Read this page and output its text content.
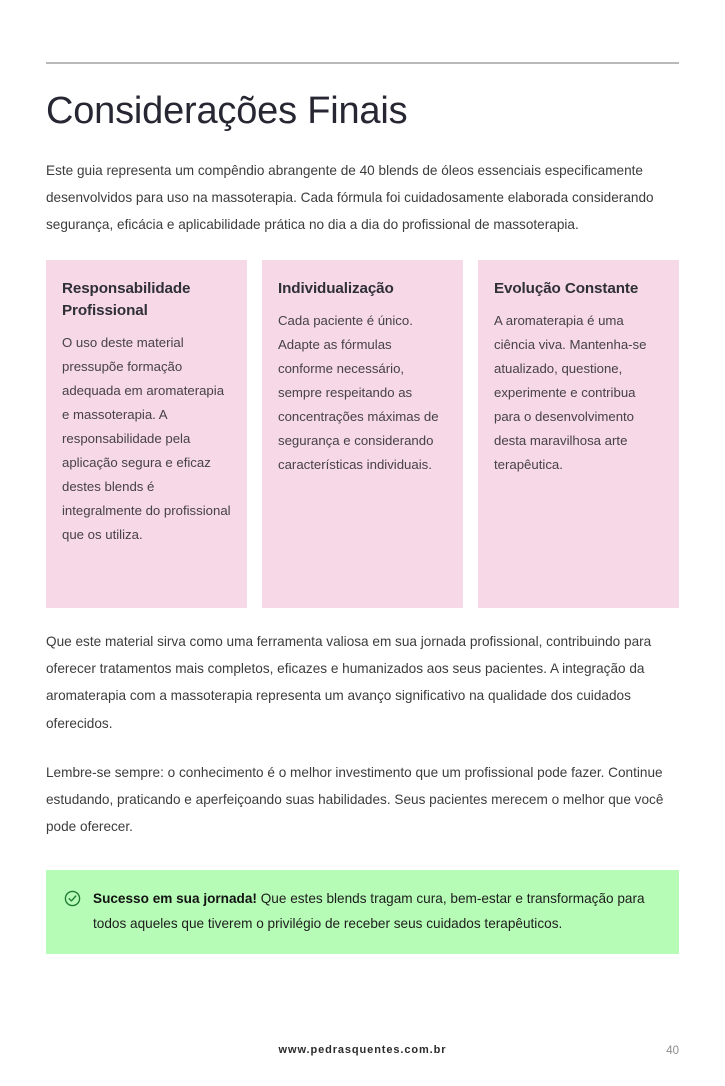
Considerações Finais

Este guia representa um compêndio abrangente de 40 blends de óleos essenciais especificamente desenvolvidos para uso na massoterapia. Cada fórmula foi cuidadosamente elaborada considerando segurança, eficácia e aplicabilidade prática no dia a dia do profissional de massoterapia.

Responsabilidade Profissional

O uso deste material pressupõe formação adequada em aromaterapia e massoterapia. A responsabilidade pela aplicação segura e eficaz destes blends é integralmente do profissional que os utiliza.

Individualização

Cada paciente é único. Adapte as fórmulas conforme necessário, sempre respeitando as concentrações máximas de segurança e considerando características individuais.

Evolução Constante

A aromaterapia é uma ciência viva. Mantenha-se atualizado, questione, experimente e contribua para o desenvolvimento desta maravilhosa arte terapêutica.

Que este material sirva como uma ferramenta valiosa em sua jornada profissional, contribuindo para oferecer tratamentos mais completos, eficazes e humanizados aos seus pacientes. A integração da aromaterapia com a massoterapia representa um avanço significativo na qualidade dos cuidados oferecidos.

Lembre-se sempre: o conhecimento é o melhor investimento que um profissional pode fazer. Continue estudando, praticando e aperfeiçoando suas habilidades. Seus pacientes merecem o melhor que você pode oferecer.

Sucesso em sua jornada! Que estes blends tragam cura, bem-estar e transformação para todos aqueles que tiverem o privilégio de receber seus cuidados terapêuticos.

www.pedrasquentes.com.br	40
